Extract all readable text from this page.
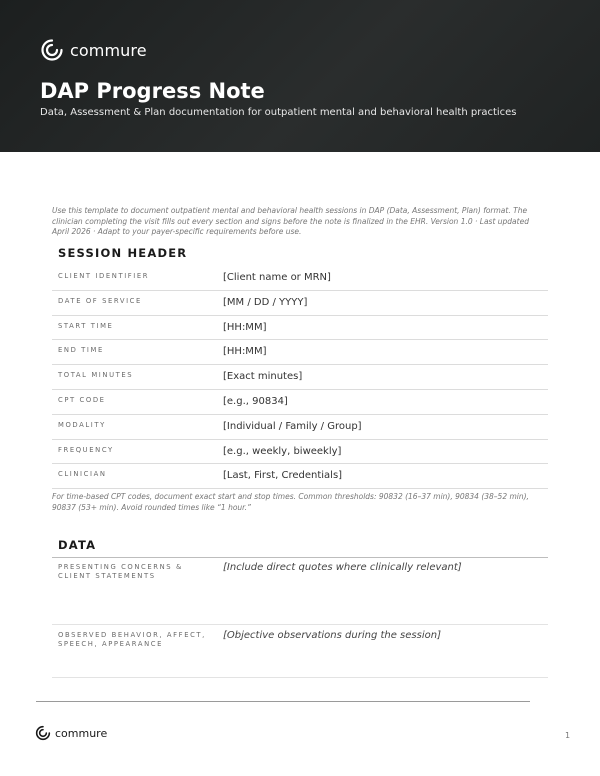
commure
DAP Progress Note
Data, Assessment & Plan documentation for outpatient mental and behavioral health practices
Use this template to document outpatient mental and behavioral health sessions in DAP (Data, Assessment, Plan) format. The clinician completing the visit fills out every section and signs before the note is finalized in the EHR. Version 1.0 · Last updated April 2026 · Adapt to your payer-specific requirements before use.
SESSION HEADER
CLIENT IDENTIFIER	[Client name or MRN]
DATE OF SERVICE	[MM / DD / YYYY]
START TIME	[HH:MM]
END TIME	[HH:MM]
TOTAL MINUTES	[Exact minutes]
CPT CODE	[e.g., 90834]
MODALITY	[Individual / Family / Group]
FREQUENCY	[e.g., weekly, biweekly]
CLINICIAN	[Last, First, Credentials]
For time-based CPT codes, document exact start and stop times. Common thresholds: 90832 (16–37 min), 90834 (38–52 min), 90837 (53+ min). Avoid rounded times like “1 hour.”
DATA
PRESENTING CONCERNS & CLIENT STATEMENTS
[Include direct quotes where clinically relevant]
OBSERVED BEHAVIOR, AFFECT, SPEECH, APPEARANCE
[Objective observations during the session]
commure	1
